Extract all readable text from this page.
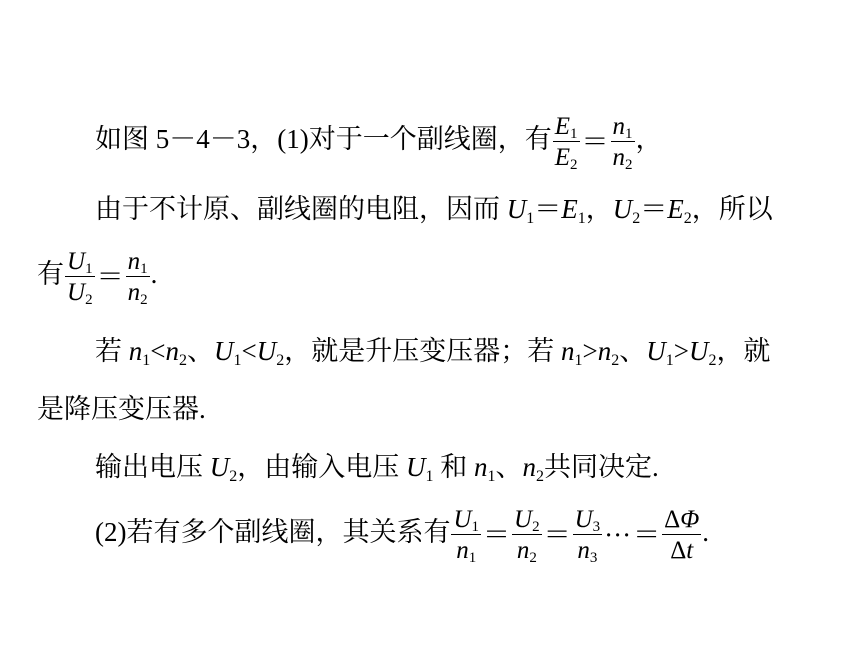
如图 5－4－3，(1)对于一个副线圈，有 $\frac{E_1}{E_2} = \frac{n_1}{n_2}$ ，
由于不计原、副线圈的电阻，因而 $U_1=E_1$，$U_2=E_2$，所以
有 $\frac{U_1}{U_2} = \frac{n_1}{n_2}$ .
若 $n_1<n_2$、$U_1<U_2$，就是升压变压器；若 $n_1>n_2$、$U_1>U_2$，就
是降压变压器.
输出电压 $U_2$，由输入电压 $U_1$ 和 $n_1$、$n_2$共同决定.
(2)若有多个副线圈，其关系有 $\frac{U_1}{n_1} = \frac{U_2}{n_2} = \frac{U_3}{n_3}$ ···＝ $\frac{\Delta\Phi}{\Delta t}$ .
